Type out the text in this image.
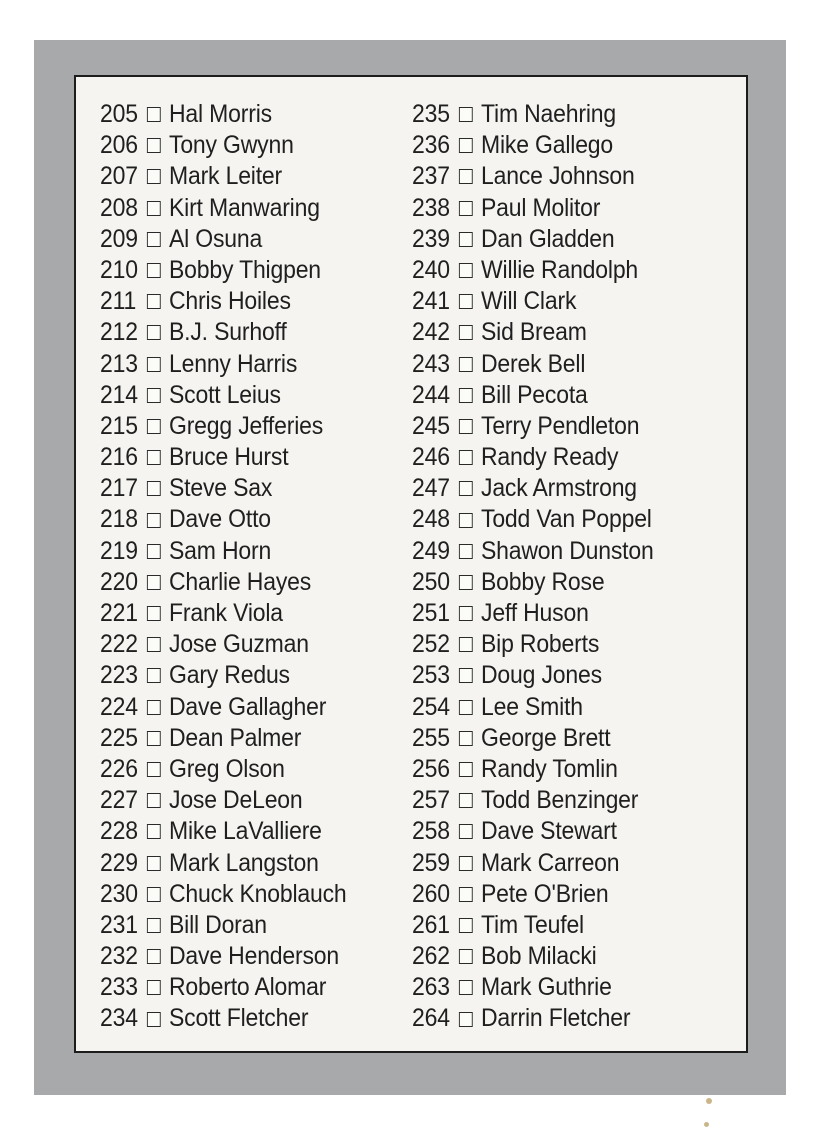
205 Hal Morris
206 Tony Gwynn
207 Mark Leiter
208 Kirt Manwaring
209 Al Osuna
210 Bobby Thigpen
211	Chris Hoiles
212 B.J. Surhoff
213 Lenny Harris
214 Scott Leius
215 Gregg Jefferies
216 Bruce Hurst
217 Steve Sax
218 Dave Otto
219 Sam Horn
220 Charlie Hayes
221 Frank Viola
222 Jose Guzman
223 Gary Redus
224 Dave Gallagher
225 Dean Palmer
226 Greg Olson
227 Jose DeLeon
228 Mike LaValliere
229 Mark Langston
230 Chuck Knoblauch
231 Bill Doran
232 Dave Henderson
233 Roberto Alomar
234 Scott Fletcher
235 Tim Naehring
236 Mike Gallego
237 Lance Johnson
238 Paul Molitor
239 Dan Gladden
240 Willie Randolph
241 Will Clark
242 Sid Bream
243 Derek Bell
244 Bill Pecota
245 Terry Pendleton
246 Randy Ready
247 Jack Armstrong
248 Todd Van Poppel
249 Shawon Dunston
250 Bobby Rose
251 Jeff Huson
252 Bip Roberts
253 Doug Jones
254 Lee Smith
255 George Brett
256 Randy Tomlin
257 Todd Benzinger
258 Dave Stewart
259 Mark Carreon
260 Pete O'Brien
261 Tim Teufel
262 Bob Milacki
263 Mark Guthrie
264 Darrin Fletcher
